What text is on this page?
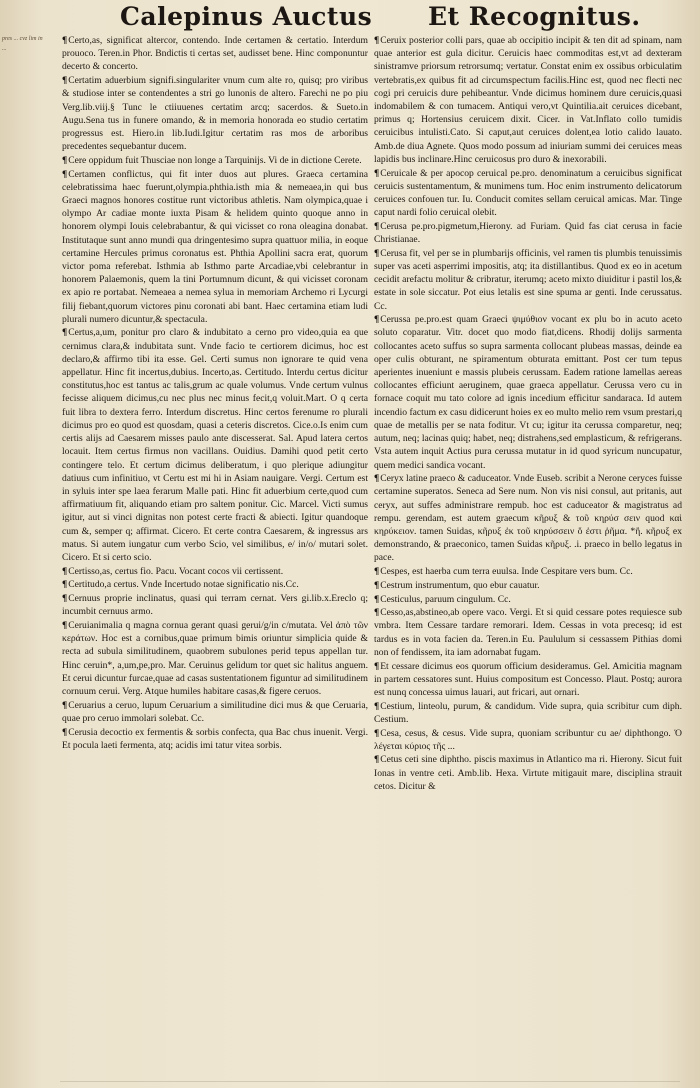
Calepinus Auctus Et Recognitus.
pres ... cvz lim in ...

¶Certo,as, significat altercor, contendo. Inde certamen & certatio. Interdum prouoco. Teren.in Phor. Bndictis ti certas set, audisset bene. Hinc componuntur decerto & concerto.

¶Certatim aduerbium signifi.singulariter vnum cum alte ro, quisq; pro viribus & studiose inter se contendentes a stri go lunonis de altero. Farechi ne po piu Verg.lib.viij.§ Tunc le ctiiuuenes certatim arcq; sacerdos. & Sueto.in Augu.Sena tus in funere omando, & in memoria honorada eo studio certatim progressus est. Hiero.in lib.Iudi.Igitur certatim ras mos de arboribus precedentes sequebantur ducem.

¶Cere oppidum fuit Thusciae non longe a Tarquinijs. Vi de in dictione Cerete.

¶Certamen conflictus, qui fit inter duos aut plures. Graeca certamina celebratissima haec fuerunt,olympia.phthia.isth mia & nemeaea,in qui bus Graeci magnos honores costitue runt victoribus athletis. Nam olympica,quae i olympo Ar cadiae monte iuxta Pisam & helidem quinto quoque anno in honorem olympi Iouis celebrabantur, & qui vicisset co rona oleagina donabat. Institutaque sunt anno mundi qua dringentesimo supra quattuor milia, in eoque certamine Hercules primus coronatus est. Phthia Apollini sacra erat, quorum victor poma referebat. Isthmia ab Isthmo parte Arcadiae,vbi celebrantur in honorem Palaemonis, quem la tini Portumnum dicunt, & qui vicisset coronam ex apio re portabat. Nemeaea a nemea sylua in memoriam Archemo ri Lycurgi filij fiebant,quorum victores pinu coronati abi bant. Haec certamina etiam ludi plurali numero dicuntur,& spectacula.

¶Certus,a,um, ponitur pro claro & indubitato a cerno pro video,quia ea que cernimus clara,& indubitata sunt. Vnde facio te certiorem dicimus, hoc est declaro,& affirmo tibi ita esse. Gel. Certi sumus non ignorare te quid vena appellatur. Hinc fit incertus,dubius. Incerto,as. Certitudo. Interdu certus dicitur constitutus,hoc est tantus ac talis,grum ac quale volumus. Vnde certum vulnus fecisse aliquem dicimus,cu nec plus nec minus fecit,q voluit.Mart. O q certa fuit libra to dextera ferro. Interdum discretus. Hinc certos ferenume ro plurali dicimus pro eo quod est quosdam, quasi a ceteris discretos. Cice.o.Is enim cum certis alijs ad Caesarem misses paulo ante discesserat. Sal. Apud latera certos locauit. Item certus firmus non vacillans. Ouidius. Damihi quod petit certo contingere telo. Et certum dicimus deliberatum, i quo plerique adiungitur datiuus cum infinitiuo, vt Certu est mi hi in Asiam nauigare. Vergi. Certum est in syluis inter spe laea ferarum Malle pati. Hinc fit aduerbium certe,quod cum affirmatiuum fit, aliquando etiam pro saltem ponitur. Cic. Marcel. Victi sumus igitur, aut si vinci dignitas non potest certe fracti & abiecti. Igitur quandoque cum &, semper q; affirmat. Cicero. Et certe contra Caesarem, & ingressus ars matus. Si autem iungatur cum verbo Scio, vel similibus, e/ in/o/ mutari solet. Cicero. Et si certo scio.

¶Certisso,as, certus fio. Pacu. Vocant cocos vii certissent.

¶Certitudo,a certus. Vnde Incertudo notae significatio nis.Cc.

¶Cernuus proprie inclinatus, quasi qui terram cernat. Vers gi.lib.x.Ereclo q; incumbit cernuus armo.

¶Ceruianimalia q magna cornua gerant quasi gerui/g/in c/mutata. Vel ἀπὸ τῶν κεράτων. Hoc est a cornibus,quae primum bimis oriuntur simplicia quide & recta ad subula similitudinem, quaobrem subulones perid tepus appellan tur. Hinc ceruin*, a,um,pe,pro. Mar. Ceruinus gelidum tor quet sic halitus anguem. Et cerui dicuntur furcae,quae ad casas sustentationem figuntur ad similitudinem cornuum cerui. Verg. Atque humiles habitare casas,& figere ceruos.

¶Ceruarius a ceruo, lupum Ceruarium a similitudine dici mus & que Ceruaria, quae pro ceruo immolari solebat. Cc.

¶Cerusia decoctio ex fermentis & sorbis confecta, qua Bac chus inuenit. Vergi. Et pocula laeti fermenta, atq; acidis imi tatur vitea sorbis.

¶Ceruix posterior colli pars, quae ab occipitio incipit & ten dit ad spinam, nam quae anterior est gula dicitur. Ceruicis haec commoditas est,vt ad dexteram sinistramve priorsum retrorsumq; vertatur. Constat enim ex ossibus orbiculatim vertebratis,ex quibus fit ad circumspectum facilis.Hinc est, quod nec flecti nec cogi pri ceruicis dure pehibeantur. Vnde dicimus hominem dure ceruicis,quasi indomabilem & con tumacem. Antiqui vero,vt Quintilia.ait ceruices dicebant, primus q; Hortensius ceruicem dixit. Cicer. in Vat.Inflato collo tumidis ceruicibus intulisti.Cato. Si caput,aut ceruices dolent,ea lotio calido lauato. Amb.de diua Agnete. Quos modo possum ad iniuriam summi dei ceruices meas lapidis bus inclinare.Hinc ceruicosus pro duro & inexorabili.

¶Ceruicale & per apocop ceruical pe.pro. denominatum a ceruicibus significat ceruicis sustentamentum, & munimens tum. Hoc enim instrumento delicatorum ceruices confouen tur. Iu. Conducit comites sellam ceruical amicas. Mar. Tinge caput nardi folio ceruical olebit.

¶Cerusa pe.pro.pigmetum,Hierony. ad Furiam. Quid fas ciat cerusa in facie Christianae.

¶Cerusa fit, vel per se in plumbarijs officinis, vel ramen tis plumbis tenuissimis super vas aceti asperrimi impositis, atq; ita distillantibus. Quod ex eo in acetum cecidit arefactu molitur & cribratur, iterumq; aceto mixto diuiditur i pastil los,& estate in sole siccatur. Pot eius letalis est sine spuma ar genti. Inde cerussatus. Cc.

¶Cerussa pe.pro.est quam Graeci ψιμύθιον vocant ex plu bo in acuto aceto soluto coparatur. Vitr. docet quo modo fiat,dicens. Rhodij dolijs sarmenta collocantes aceto suffus so supra sarmenta collocant plubeas massas, deinde ea oper culis obturant, ne spiramentum obturata emittant. Post cer tum tepus aperientes inueniunt e massis plubeis cerussam. Eadem ratione lamellas aereas collocantes efficiunt aeruginem, quae graeca appellatur. Cerussa vero cu in fornace coquit mu tato colore ad ignis incedium efficitur sandaraca. Id autem incendio factum ex casu didicerunt hoies ex eo multo melio rem vsum prestari,q quae de metallis per se nata foditur. Vt cu; igitur ita cerussa comparetur, neq; autum, neq; lacinas quiq; habet, neq; distrahens,sed emplasticum, & refrigerans. Vsta autem inquit Actius pura cerussa mutatur in id quod syricum nuncupatur, quem medici sandica vocant.

¶Ceryx latine praeco & caduceator. Vnde Euseb. scribit a Nerone ceryces fuisse certamine superatos. Seneca ad Sere num. Non vis nisi consul, aut pritanis, aut ceryx, aut suffes administrare rempub. hoc est caduceator & magistratus ad rempu. gerendam, est autem graecum κῆρυξ & τοῦ κηρύσ σειν quod καὶ κηρύκειον. tamen Suidas, κῆρυξ ἐκ τοῦ κηρύσσειν ὅ ἐστι ῥῆμα. *ἢ. κῆρυξ ex demonstrando, & praeconico, tamen Suidas κῆρυξ. .i. praeco in bello legatus in pace.

¶Cespes, est haerba cum terra euulsa. Inde Cespitare vers bum. Cc.

¶Cestrum instrumentum, quo ebur cauatur.

¶Cesticulus, paruum cingulum. Cc.

¶Cesso,as,abstineo,ab opere vaco. Vergi. Et si quid cessare potes requiesce sub vmbra. Item Cessare tardare remorari. Idem. Cessas in vota precesq; id est tardus es in vota facien da. Teren.in Eu. Paululum si cessassem Pithias domi non of fendissem, ita iam adornabat fugam.

¶Et cessare dicimus eos quorum officium desideramus. Gel. Amicitia magnam in partem cessatores sunt. Huius compositum est Concesso. Plaut. Postq; aurora est nunq concessa uimus lauari, aut fricari, aut ornari.

¶Cestium, linteolu, purum, & candidum. Vide supra, quia scribitur cum diph. Cestium.

¶Cesa, cesus, & cesus. Vide supra, quoniam scribuntur cu ae/ diphthongo. Ὁ λέγεται κύριος τῆς ...

¶Cetus ceti sine diphtho. piscis maximus in Atlantico ma ri. Hierony. Sicut fuit Ionas in ventre ceti. Amb.lib. Hexa. Virtute mitigauit mare, disciplina strauit cetos. Dicitur &
